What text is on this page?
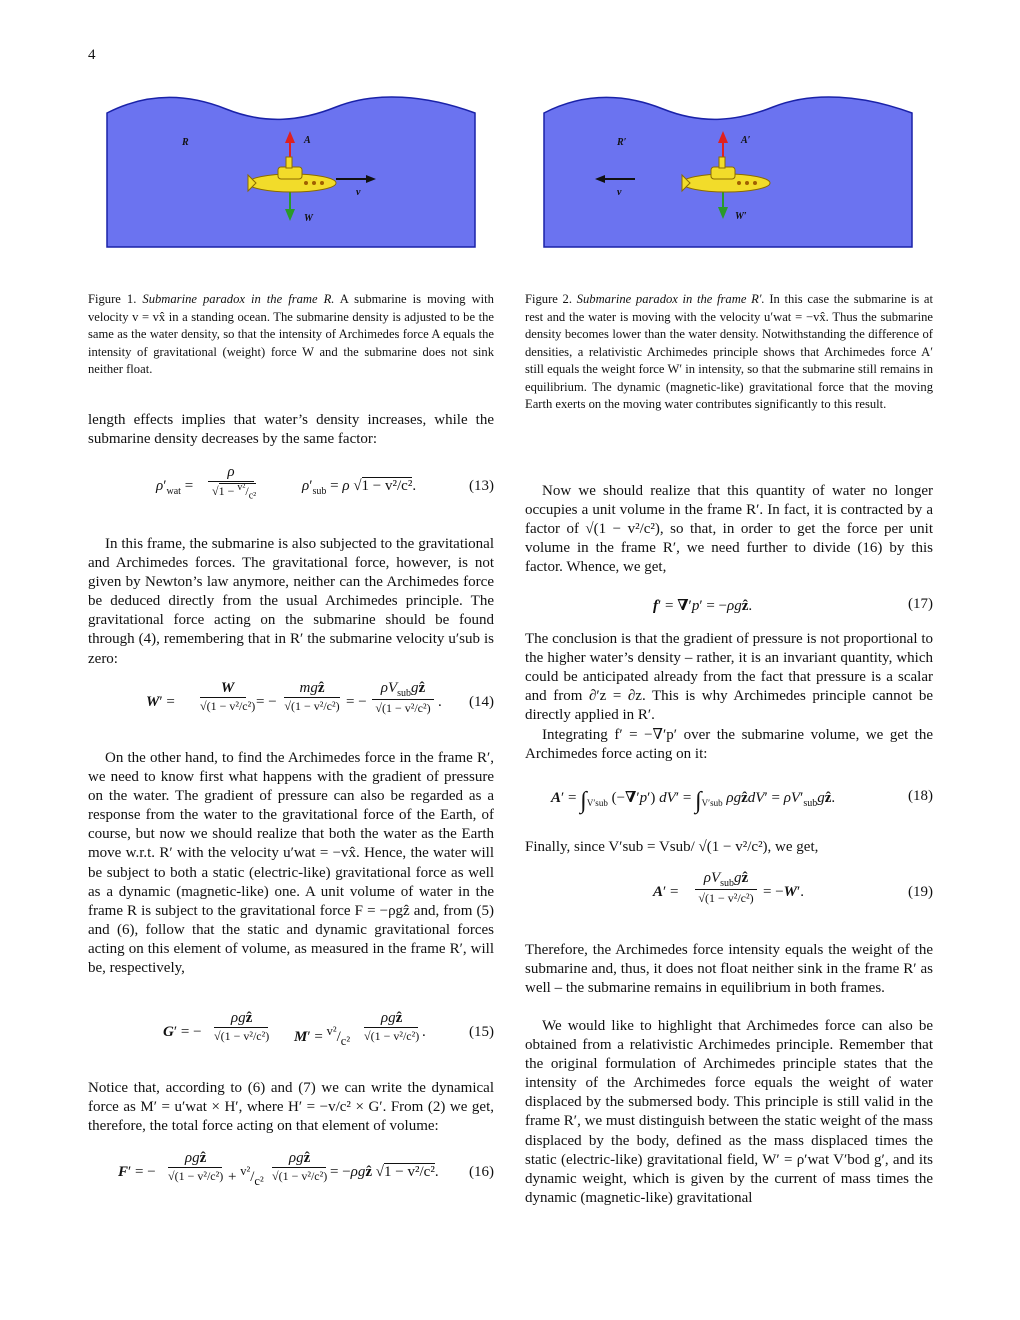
4
R	A
W
v
R′	A′
W′
v
Figure 1. Submarine paradox in the frame R. A submarine is moving with velocity v = vx̂ in a standing ocean. The submarine density is adjusted to be the same as the water density, so that the intensity of Archimedes force A equals the intensity of gravitational (weight) force W and the submarine does not sink neither float.
Figure 2. Submarine paradox in the frame R′. In this case the submarine is at rest and the water is moving with the velocity u′wat = −vx̂. Thus the submarine density becomes lower than the water density. Notwithstanding the difference of densities, a relativistic Archimedes principle shows that Archimedes force A′ still equals the weight force W′ in intensity, so that the submarine still remains in equilibrium. The dynamic (magnetic-like) gravitational force that the moving Earth exerts on the moving water contributes significantly to this result.
length effects implies that water’s density increases, while the submarine density decreases by the same factor:
$\rho'_{wat}$ =
ρ
$√1 - ^{v^2}/_{c^2}$
$\rho'_{sub} = \rho$ √1 − v²/c².	(13)
In this frame, the submarine is also subjected to the gravitational and Archimedes forces. The gravitational force, however, is not given by Newton’s law anymore, neither can the Archimedes force be deduced directly from the usual Archimedes principle. The gravitational force acting on the submarine should be found through (4), remembering that in R′ the submarine velocity u′sub is zero:
W′ =
W
√(1 − v²/c²) = −
mgẑ
√(1 − v²/c²) = −
$\rho V_{sub}gẑ$
√(1 − v²/c²) . (14)
On the other hand, to find the Archimedes force in the frame R′, we need to know first what happens with the gradient of pressure on the water. The gradient of pressure can also be regarded as a response from the water to the gravitational force of the Earth, of course, but now we should realize that both the water as the Earth move w.r.t. R′ with the velocity u′wat = −vx̂. Hence, the water will be subject to both a static (electric-like) gravitational force as well as a dynamic (magnetic-like) one. A unit volume of water in the frame R is subject to the gravitational force F = −ρgẑ and, from (5) and (6), follow that the static and dynamic gravitational forces acting on this element of volume, as measured in the frame R′, will be, respectively,
G′ = −
ρgẑ
√(1 − v²/c²) $M' = ^{v^2}/_{c^2}$
ρgẑ
√(1 − v²/c²) .	(15)
Notice that, according to (6) and (7) we can write the dynamical force as M′ = u′wat × H′, where H′ = −v/c² × G′. From (2) we get, therefore, the total force acting on that element of volume:
F′ = −
ρgẑ
$√(1 - v^2/c^2) + ^{v^2}/_{c^2}$
ρgẑ
√(1 − v²/c²) = −ρgẑ √1 − v²/c². (16)
Now we should realize that this quantity of water no longer occupies a unit volume in the frame R′. In fact, it is contracted by a factor of √(1 − v²/c²), so that, in order to get the force per unit volume in the frame R′, we need further to divide (16) by this factor. Whence, we get,
f′ = ∇′p′ = −ρgẑ.	(17)
The conclusion is that the gradient of pressure is not proportional to the higher water’s density – rather, it is an invariant quantity, which could be anticipated already from the fact that pressure is a scalar and from ∂′z = ∂z. This is why Archimedes principle cannot be directly applied in R′.
Integrating f′ = −∇′p′ over the submarine volume, we get the Archimedes force acting on it:
$A' = \int_{V'sub}$ (−∇′p′) $dV' = \int_{V'sub}$ ρgẑdV′ = $\rho V'_{sub}gẑ$.	(18)
Finally, since V′sub = Vsub/ √(1 − v²/c²), we get,
A′ =
$\rho V_{sub}gẑ$
√(1 − v²/c²) = −W′.	(19)
Therefore, the Archimedes force intensity equals the weight of the submarine and, thus, it does not float neither sink in the frame R′ as well – the submarine remains in equilibrium in both frames.
We would like to highlight that Archimedes force can also be obtained from a relativistic Archimedes principle. Remember that the original formulation of Archimedes principle states that the intensity of the Archimedes force equals the weight of water displaced by the submersed body. This principle is still valid in the frame R′, we must distinguish between the static weight of the mass displaced by the body, defined as the mass displaced times the static (electric-like) gravitational field, W′ = ρ′wat V′bod g′, and its dynamic weight, which is given by the current of mass times the dynamic (magnetic-like) gravitational
